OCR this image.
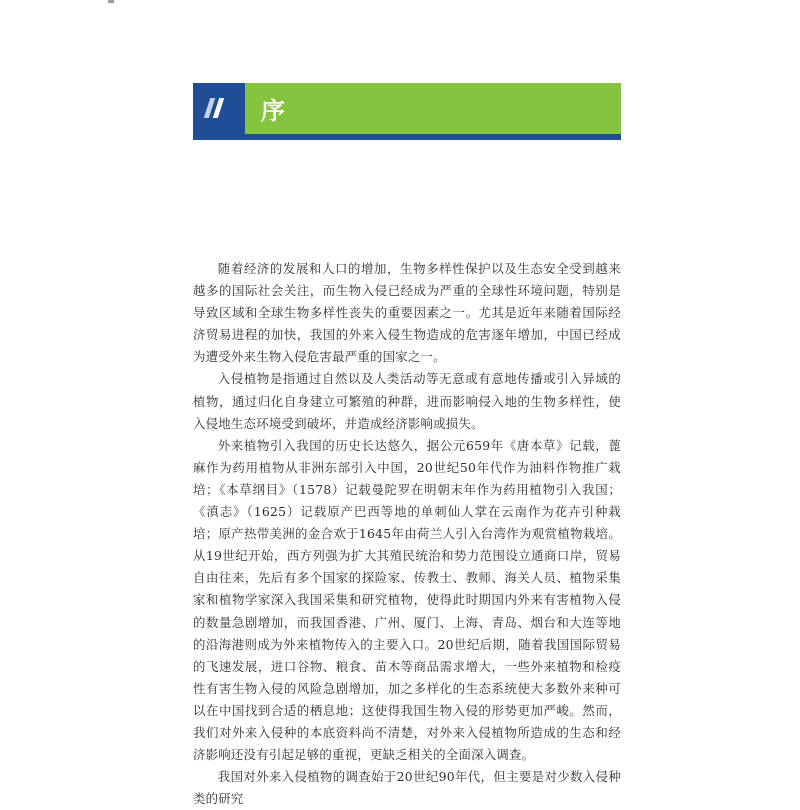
序

随着经济的发展和人口的增加，生物多样性保护以及生态安全受到越来越多的国际社会关注，而生物入侵已经成为严重的全球性环境问题，特别是导致区域和全球生物多样性丧失的重要因素之一。尤其是近年来随着国际经济贸易进程的加快，我国的外来入侵生物造成的危害逐年增加，中国已经成为遭受外来生物入侵危害最严重的国家之一。

入侵植物是指通过自然以及人类活动等无意或有意地传播或引入异域的植物，通过归化自身建立可繁殖的种群，进而影响侵入地的生物多样性，使入侵地生态环境受到破坏，并造成经济影响或损失。

外来植物引入我国的历史长达悠久，据公元659年《唐本草》记载，蓖麻作为药用植物从非洲东部引入中国，20世纪50年代作为油料作物推广栽培；《本草纲目》（1578）记载曼陀罗在明朝末年作为药用植物引入我国；《滇志》（1625）记载原产巴西等地的单刺仙人掌在云南作为花卉引种栽培；原产热带美洲的金合欢于1645年由荷兰人引入台湾作为观赏植物栽培。从19世纪开始，西方列强为扩大其殖民统治和势力范围设立通商口岸，贸易自由往来，先后有多个国家的探险家、传教士、教师、海关人员、植物采集家和植物学家深入我国采集和研究植物，使得此时期国内外来有害植物入侵的数量急剧增加，而我国香港、广州、厦门、上海、青岛、烟台和大连等地的沿海港则成为外来植物传入的主要入口。20世纪后期，随着我国国际贸易的飞速发展，进口谷物、粮食、苗木等商品需求增大，一些外来植物和检疫性有害生物入侵的风险急剧增加，加之多样化的生态系统使大多数外来种可以在中国找到合适的栖息地；这使得我国生物入侵的形势更加严峻。然而，我们对外来入侵种的本底资料尚不清楚，对外来入侵植物所造成的生态和经济影响还没有引起足够的重视，更缺乏相关的全面深入调查。

我国对外来入侵植物的调查始于20世纪90年代，但主要是对少数入侵种类的研究
